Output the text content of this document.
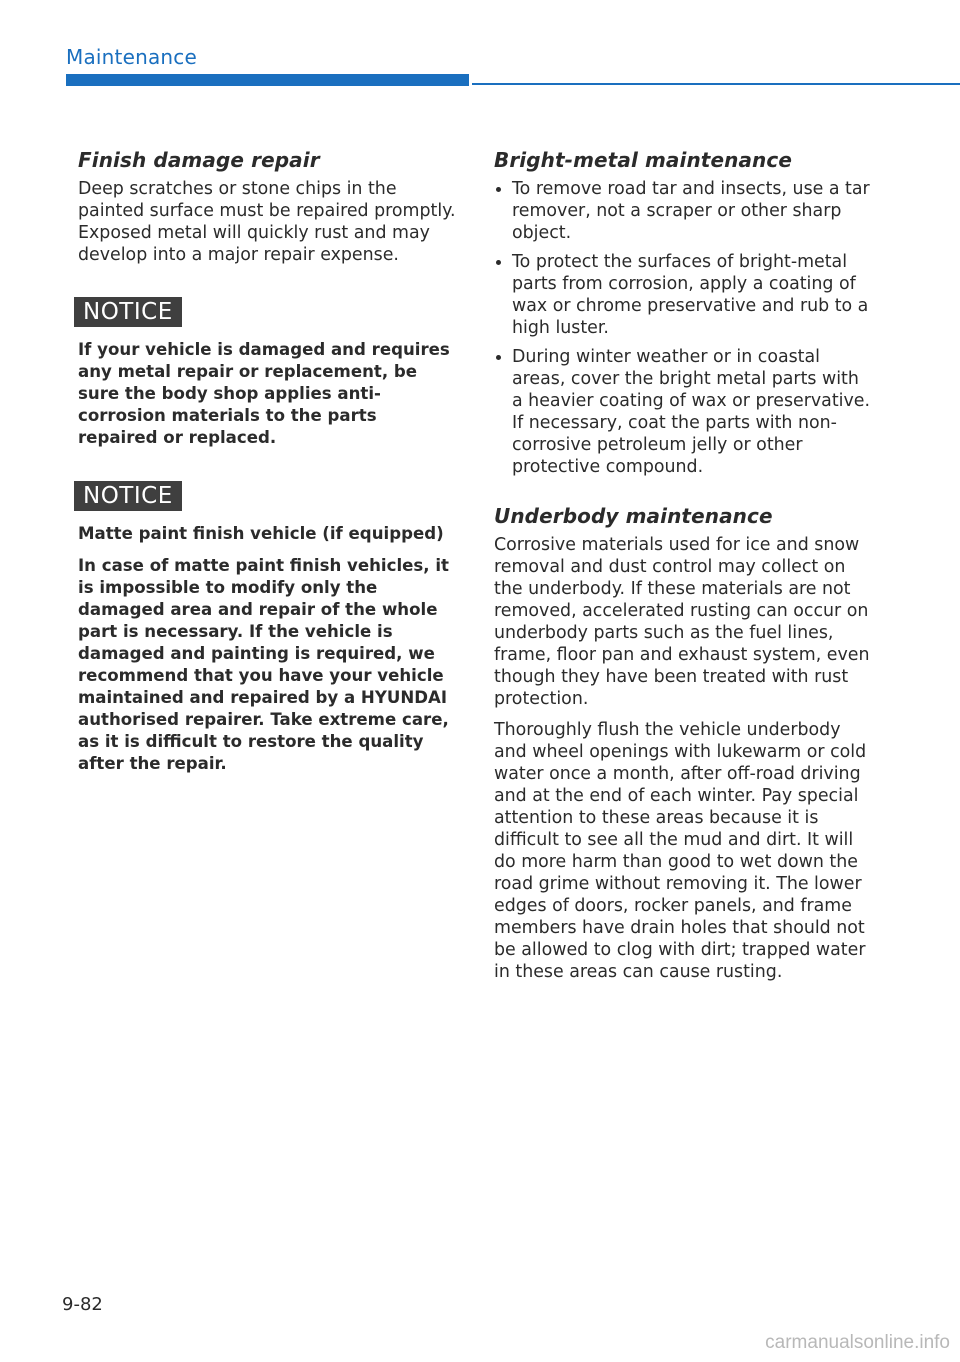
Maintenance
Finish damage repair

Deep scratches or stone chips in the painted surface must be repaired promptly. Exposed metal will quickly rust and may develop into a major repair expense.

NOTICE

If your vehicle is damaged and requires any metal repair or replacement, be sure the body shop applies anti-corrosion materials to the parts repaired or replaced.

NOTICE

Matte paint finish vehicle (if equipped)

In case of matte paint finish vehicles, it is impossible to modify only the damaged area and repair of the whole part is necessary. If the vehicle is damaged and painting is required, we recommend that you have your vehicle maintained and repaired by a HYUNDAI authorised repairer. Take extreme care, as it is difficult to restore the quality after the repair.

Bright-metal maintenance
To remove road tar and insects, use a tar remover, not a scraper or other sharp object.
To protect the surfaces of bright-metal parts from corrosion, apply a coating of wax or chrome preservative and rub to a high luster.
During winter weather or in coastal areas, cover the bright metal parts with a heavier coating of wax or preservative. If necessary, coat the parts with non-corrosive petroleum jelly or other protective compound.
Underbody maintenance

Corrosive materials used for ice and snow removal and dust control may collect on the underbody. If these materials are not removed, accelerated rusting can occur on underbody parts such as the fuel lines, frame, floor pan and exhaust system, even though they have been treated with rust protection.

Thoroughly flush the vehicle underbody and wheel openings with lukewarm or cold water once a month, after off-road driving and at the end of each winter. Pay special attention to these areas because it is difficult to see all the mud and dirt. It will do more harm than good to wet down the road grime without removing it. The lower edges of doors, rocker panels, and frame members have drain holes that should not be allowed to clog with dirt; trapped water in these areas can cause rusting.

9-82
carmanualsonline.info
